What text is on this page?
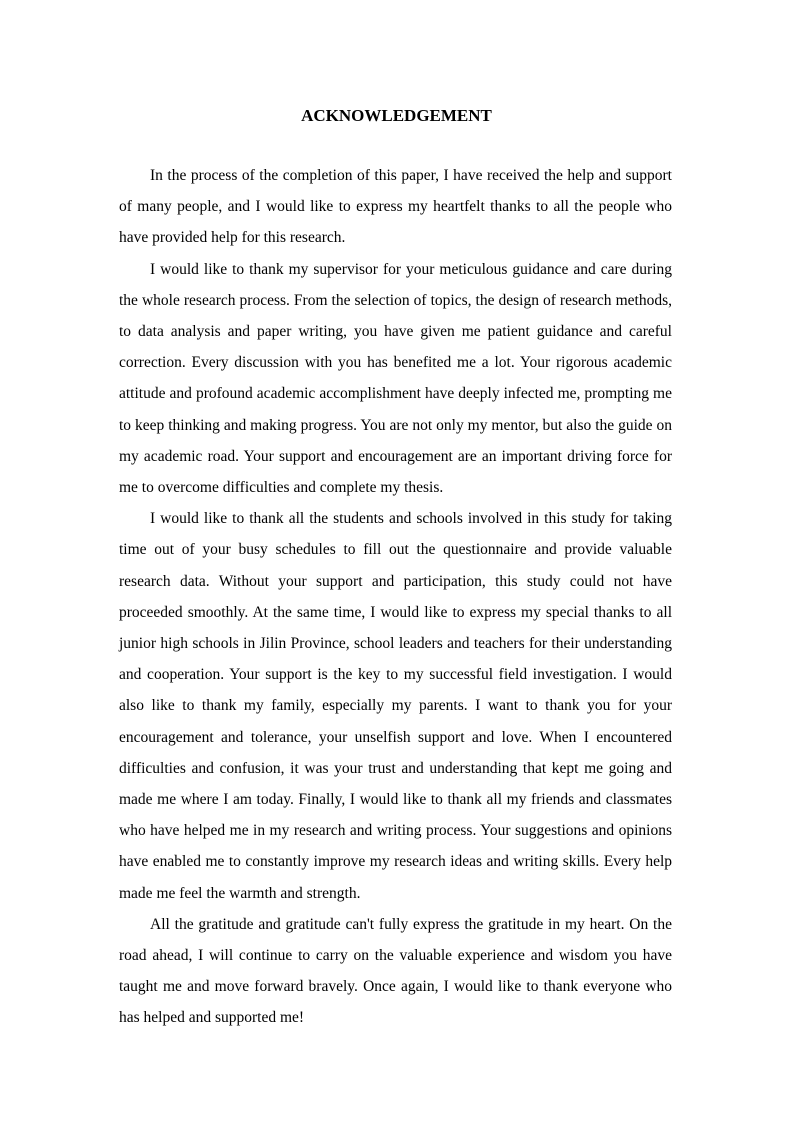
ACKNOWLEDGEMENT

In the process of the completion of this paper, I have received the help and support of many people, and I would like to express my heartfelt thanks to all the people who have provided help for this research.

I would like to thank my supervisor for your meticulous guidance and care during the whole research process. From the selection of topics, the design of research methods, to data analysis and paper writing, you have given me patient guidance and careful correction. Every discussion with you has benefited me a lot. Your rigorous academic attitude and profound academic accomplishment have deeply infected me, prompting me to keep thinking and making progress. You are not only my mentor, but also the guide on my academic road. Your support and encouragement are an important driving force for me to overcome difficulties and complete my thesis.

I would like to thank all the students and schools involved in this study for taking time out of your busy schedules to fill out the questionnaire and provide valuable research data. Without your support and participation, this study could not have proceeded smoothly. At the same time, I would like to express my special thanks to all junior high schools in Jilin Province, school leaders and teachers for their understanding and cooperation. Your support is the key to my successful field investigation. I would also like to thank my family, especially my parents. I want to thank you for your encouragement and tolerance, your unselfish support and love. When I encountered difficulties and confusion, it was your trust and understanding that kept me going and made me where I am today. Finally, I would like to thank all my friends and classmates who have helped me in my research and writing process. Your suggestions and opinions have enabled me to constantly improve my research ideas and writing skills. Every help made me feel the warmth and strength.

All the gratitude and gratitude can't fully express the gratitude in my heart. On the road ahead, I will continue to carry on the valuable experience and wisdom you have taught me and move forward bravely. Once again, I would like to thank everyone who has helped and supported me!
